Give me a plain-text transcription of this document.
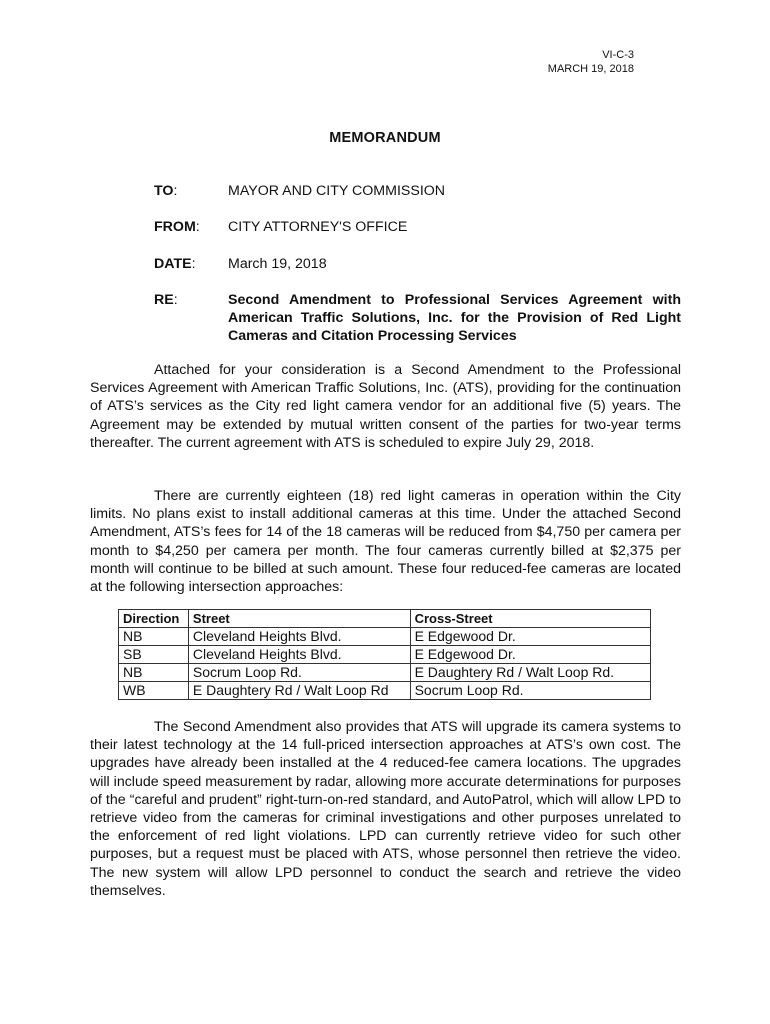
VI-C-3
MARCH 19, 2018
MEMORANDUM
TO:	MAYOR AND CITY COMMISSION
FROM:	CITY ATTORNEY'S OFFICE
DATE:	March 19, 2018
RE:	Second Amendment to Professional Services Agreement with American Traffic Solutions, Inc. for the Provision of Red Light Cameras and Citation Processing Services

Attached for your consideration is a Second Amendment to the Professional Services Agreement with American Traffic Solutions, Inc. (ATS), providing for the continuation of ATS’s services as the City red light camera vendor for an additional five (5) years. The Agreement may be extended by mutual written consent of the parties for two-year terms thereafter. The current agreement with ATS is scheduled to expire July 29, 2018.

There are currently eighteen (18) red light cameras in operation within the City limits. No plans exist to install additional cameras at this time. Under the attached Second Amendment, ATS’s fees for 14 of the 18 cameras will be reduced from $4,750 per camera per month to $4,250 per camera per month. The four cameras currently billed at $2,375 per month will continue to be billed at such amount. These four reduced-fee cameras are located at the following intersection approaches:

Direction	Street	Cross-Street
NB	Cleveland Heights Blvd.	E Edgewood Dr.
SB	Cleveland Heights Blvd.	E Edgewood Dr.
NB	Socrum Loop Rd.	E Daughtery Rd / Walt Loop Rd.
WB	E Daughtery Rd / Walt Loop Rd	Socrum Loop Rd.

The Second Amendment also provides that ATS will upgrade its camera systems to their latest technology at the 14 full-priced intersection approaches at ATS’s own cost. The upgrades have already been installed at the 4 reduced-fee camera locations. The upgrades will include speed measurement by radar, allowing more accurate determinations for purposes of the “careful and prudent” right-turn-on-red standard, and AutoPatrol, which will allow LPD to retrieve video from the cameras for criminal investigations and other purposes unrelated to the enforcement of red light violations. LPD can currently retrieve video for such other purposes, but a request must be placed with ATS, whose personnel then retrieve the video. The new system will allow LPD personnel to conduct the search and retrieve the video themselves.
